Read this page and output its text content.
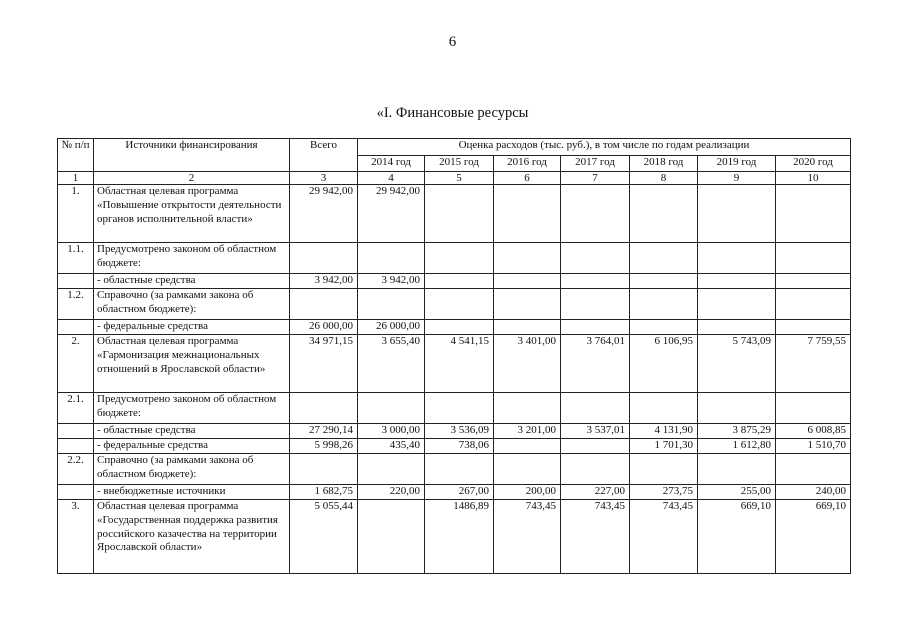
6
«I. Финансовые ресурсы
№ п/п	Источники финансирования	Всего	Оценка расходов (тыс. руб.), в том числе по годам реализации						
			2014 год	2015 год	2016 год	2017 год	2018 год	2019 год	2020 год
1	2	3	4	5	6	7	8	9	10
1.	Областная целевая программа «Повышение открытости деятельности органов исполнительной власти»	29 942,00	29 942,00						
1.1.	Предусмотрено законом об областном бюджете:								
	- областные средства	3 942,00	3 942,00						
1.2.	Справочно (за рамками закона об областном бюджете):								
	- федеральные средства	26 000,00	26 000,00						
2.	Областная целевая программа «Гармонизация межнациональных отношений в Ярославской области»	34 971,15	3 655,40	4 541,15	3 401,00	3 764,01	6 106,95	5 743,09	7 759,55
2.1.	Предусмотрено законом об областном бюджете:								
	- областные средства	27 290,14	3 000,00	3 536,09	3 201,00	3 537,01	4 131,90	3 875,29	6 008,85
	- федеральные средства	5 998,26	435,40	738,06			1 701,30	1 612,80	1 510,70
2.2.	Справочно (за рамками закона об областном бюджете):								
	- внебюджетные источники	1 682,75	220,00	267,00	200,00	227,00	273,75	255,00	240,00
3.	Областная целевая программа «Государственная поддержка развития российского казачества на территории Ярославской области»	5 055,44		1486,89	743,45	743,45	743,45	669,10	669,10
